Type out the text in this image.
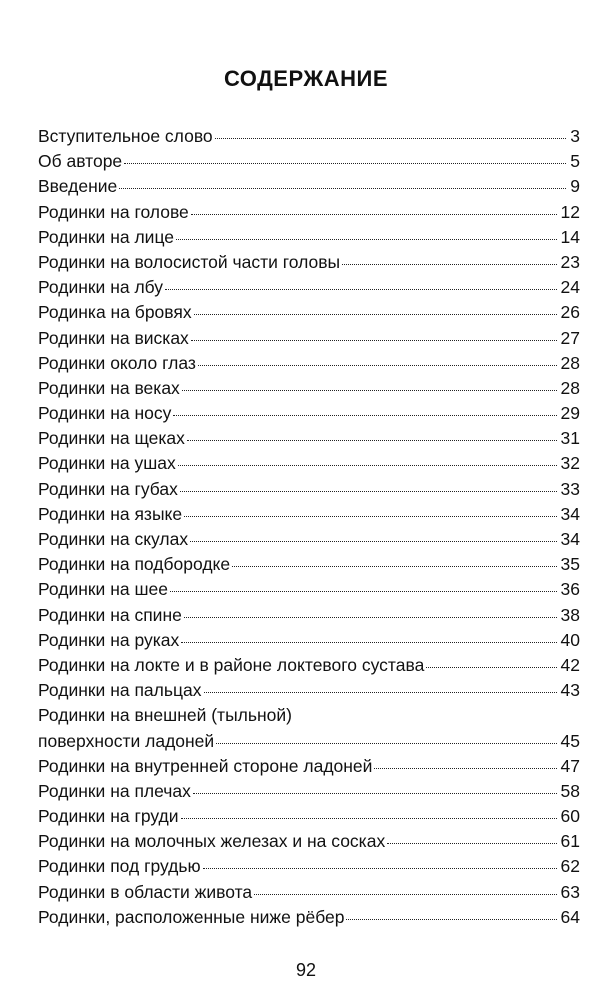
СОДЕРЖАНИЕ
Вступительное слово	3
Об авторе	5
Введение	9
Родинки на голове	12
Родинки на лице	14
Родинки на волосистой части головы	23
Родинки на лбу	24
Родинка на бровях	26
Родинки на висках	27
Родинки около глаз	28
Родинки на веках	28
Родинки на носу	29
Родинки на щеках	31
Родинки на ушах	32
Родинки на губах	33
Родинки на языке	34
Родинки на скулах	34
Родинки на подбородке	35
Родинки на шее	36
Родинки на спине	38
Родинки на руках	40
Родинки на локте и в районе локтевого сустава	42
Родинки на пальцах	43
Родинки на внешней (тыльной)
поверхности ладоней	45
Родинки на внутренней стороне ладоней	47
Родинки на плечах	58
Родинки на груди	60
Родинки на молочных железах и на сосках	61
Родинки под грудью	62
Родинки в области живота	63
Родинки, расположенные ниже рёбер	64
92
